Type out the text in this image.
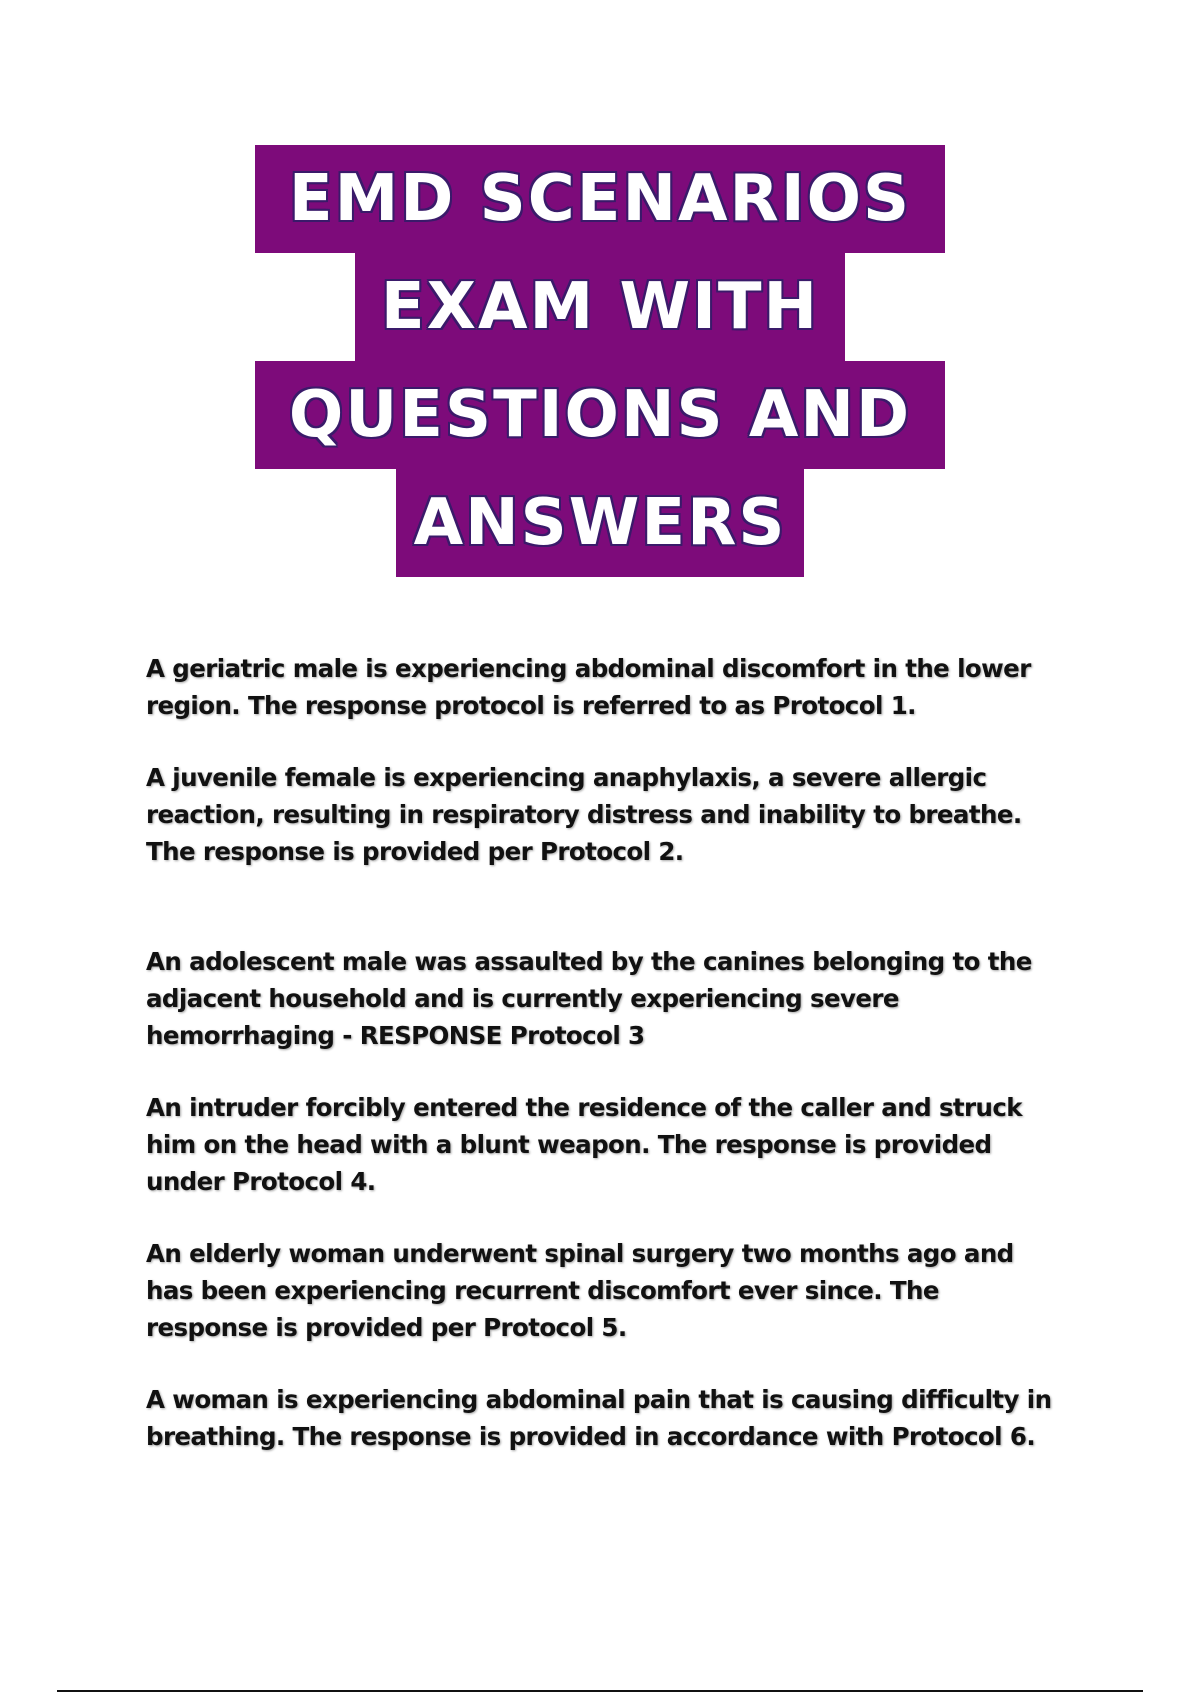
EMD SCENARIOS
EXAM WITH
QUESTIONS AND
ANSWERS

A geriatric male is experiencing abdominal discomfort in the lower region. The response protocol is referred to as Protocol 1.

A juvenile female is experiencing anaphylaxis, a severe allergic reaction, resulting in respiratory distress and inability to breathe. The response is provided per Protocol 2.

An adolescent male was assaulted by the canines belonging to the adjacent household and is currently experiencing severe hemorrhaging - RESPONSE Protocol 3

An intruder forcibly entered the residence of the caller and struck him on the head with a blunt weapon. The response is provided under Protocol 4.

An elderly woman underwent spinal surgery two months ago and has been experiencing recurrent discomfort ever since. The response is provided per Protocol 5.

A woman is experiencing abdominal pain that is causing difficulty in breathing. The response is provided in accordance with Protocol 6.
